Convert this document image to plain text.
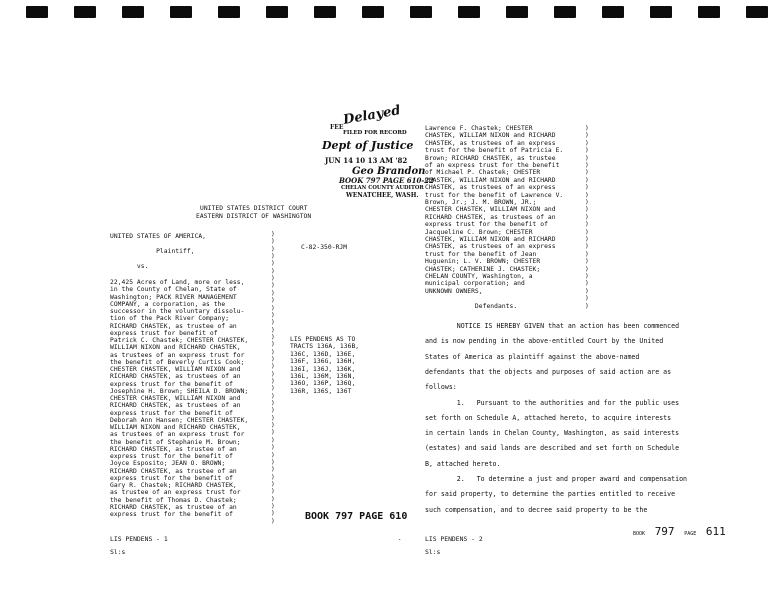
Delayed
FEE
FILED FOR RECORD
Dept of Justice
JUN 14 10 13 AM '82
Geo Brandon
BOOK 797 PAGE 610-22
CHELAN COUNTY AUDITOR
WENATCHEE, WASH.
UNITED STATES DISTRICT COURT
EASTERN DISTRICT OF WASHINGTON
UNITED STATES OF AMERICA,
Plaintiff,
vs.
22,425 Acres of Land, more or less,
in the County of Chelan, State of
Washington; PACK RIVER MANAGEMENT
COMPANY, a corporation, as the
successor in the voluntary dissolu-
tion of the Pack River Company;
RICHARD CHASTEK, as trustee of an
express trust for benefit of
Patrick C. Chastek; CHESTER CHASTEK,
WILLIAM NIXON and RICHARD CHASTEK,
as trustees of an express trust for
the benefit of Beverly Curtis Cook;
CHESTER CHASTEK, WILLIAM NIXON and
RICHARD CHASTEK, as trustees of an
express trust for the benefit of
Josephine H. Brown; SHEILA D. BROWN;
CHESTER CHASTEK, WILLIAM NIXON and
RICHARD CHASTEK, as trustees of an
express trust for the benefit of
Deborah Ann Hansen; CHESTER CHASTEK,
WILLIAM NIXON and RICHARD CHASTEK,
as trustees of an express trust for
the benefit of Stephanie M. Brown;
RICHARD CHASTEK, as trustee of an
express trust for the benefit of
Joyce Esposito; JEAN O. BROWN;
RICHARD CHASTEK, as trustee of an
express trust for the benefit of
Gary R. Chastek; RICHARD CHASTEK,
as trustee of an express trust for
the benefit of Thomas D. Chastek;
RICHARD CHASTEK, as trustee of an
express trust for the benefit of
)
)
)
)
)
)
)
)
)
)
)
)
)
)
)
)
)
)
)
)
)
)
)
)
)
)
)
)
)
)
)
)
)
)
)
)
)
)
)
)
C-82-350-RJM
LIS PENDENS AS TO
TRACTS 136A, 136B,
136C, 136D, 136E,
136F, 136G, 136H,
136I, 136J, 136K,
136L, 136M, 136N,
136O, 136P, 136Q,
136R, 136S, 136T
BOOK 797 PAGE 610
LIS PENDENS - 1
Sl:s
Lawrence F. Chastek; CHESTER
CHASTEK, WILLIAM NIXON and RICHARD
CHASTEK, as trustees of an express
trust for the benefit of Patricia E.
Brown; RICHARD CHASTEK, as trustee
of an express trust for the benefit
of Michael P. Chastek; CHESTER
CHASTEK, WILLIAM NIXON and RICHARD
CHASTEK, as trustees of an express
trust for the benefit of Lawrence V.
Brown, Jr.; J. M. BROWN, JR.;
CHESTER CHASTEK, WILLIAM NIXON and
RICHARD CHASTEK, as trustees of an
express trust for the benefit of
Jacqueline C. Brown; CHESTER
CHASTEK, WILLIAM NIXON and RICHARD
CHASTEK, as trustees of an express
trust for the benefit of Jean
Huguenin; L. V. BROWN; CHESTER
CHASTEK; CATHERINE J. CHASTEK;
CHELAN COUNTY, Washington, a
municipal corporation; and
UNKNOWN OWNERS,
Defendants.
)
)
)
)
)
)
)
)
)
)
)
)
)
)
)
)
)
)
)
)
)
)
)
)
)
NOTICE IS HEREBY GIVEN that an action has been commenced
and is now pending in the above-entitled Court by the United
States of America as plaintiff against the above-named
defendants that the objects and purposes of said action are as
follows:
1.   Pursuant to the authorities and for the public uses
set forth on Schedule A, attached hereto, to acquire interests
in certain lands in Chelan County, Washington, as said interests
(estates) and said lands are described and set forth on Schedule
B, attached hereto.
2.   To determine a just and proper award and compensation
for said property, to determine the parties entitled to receive
such compensation, and to decree said property to be the
BOOK 797 PAGE 611
LIS PENDENS - 2
Sl:s
.
